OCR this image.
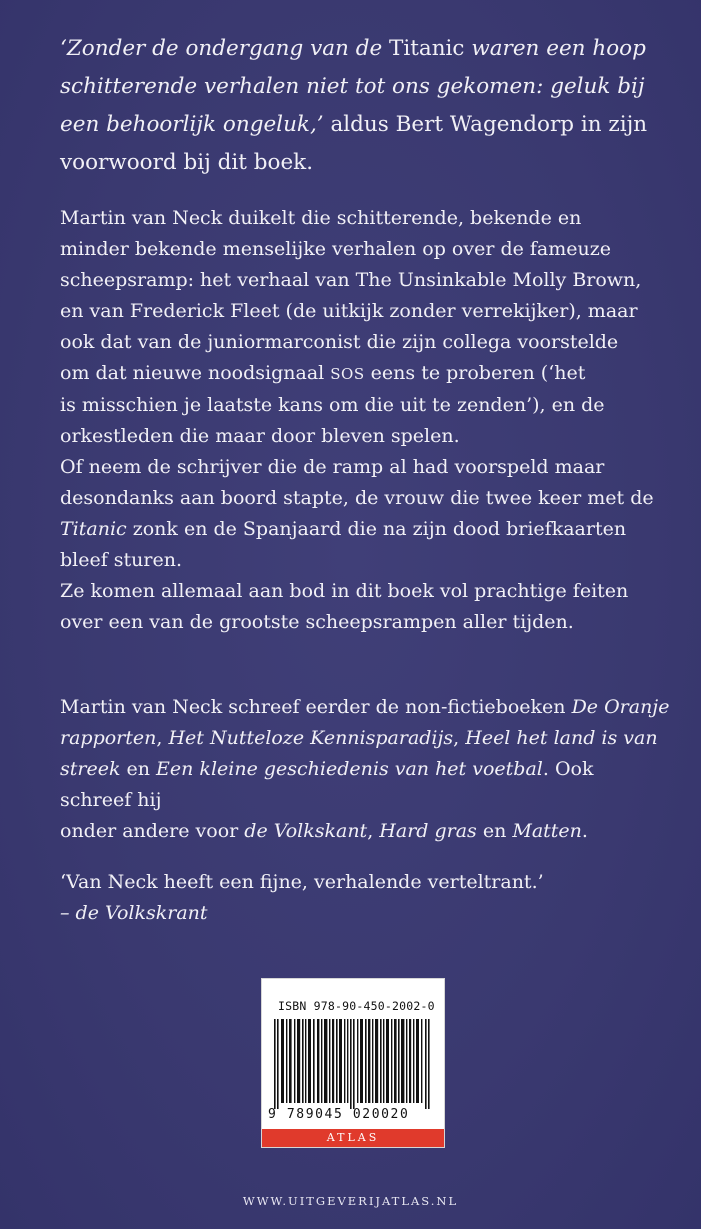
‘Zonder de ondergang van de Titanic waren een hoop

schitterende verhalen niet tot ons gekomen: geluk bij

een behoorlijk ongeluk,’ aldus Bert Wagendorp in zijn

voorwoord bij dit boek.

Martin van Neck duikelt die schitterende, bekende en

minder bekende menselijke verhalen op over de fameuze

scheepsramp: het verhaal van The Unsinkable Molly Brown,

en van Frederick Fleet (de uitkijk zonder verrekijker), maar

ook dat van de juniormarconist die zijn collega voorstelde

om dat nieuwe noodsignaal SOS eens te proberen (‘het

is misschien je laatste kans om die uit te zenden’), en de

orkestleden die maar door bleven spelen.

Of neem de schrijver die de ramp al had voorspeld maar

desondanks aan boord stapte, de vrouw die twee keer met de

Titanic zonk en de Spanjaard die na zijn dood briefkaarten

bleef sturen.

Ze komen allemaal aan bod in dit boek vol prachtige feiten

over een van de grootste scheepsrampen aller tijden.

Martin van Neck schreef eerder de non-fictieboeken De Oranje

rapporten, Het Nutteloze Kennisparadijs, Heel het land is van

streek en Een kleine geschiedenis van het voetbal. Ook schreef hij

onder andere voor de Volkskant, Hard gras en Matten.

‘Van Neck heeft een fijne, verhalende verteltrant.’

– de Volkskrant

ISBN 978-90-450-2002-0
9 789045 020020
ATLAS
WWW.UITGEVERIJATLAS.NL
